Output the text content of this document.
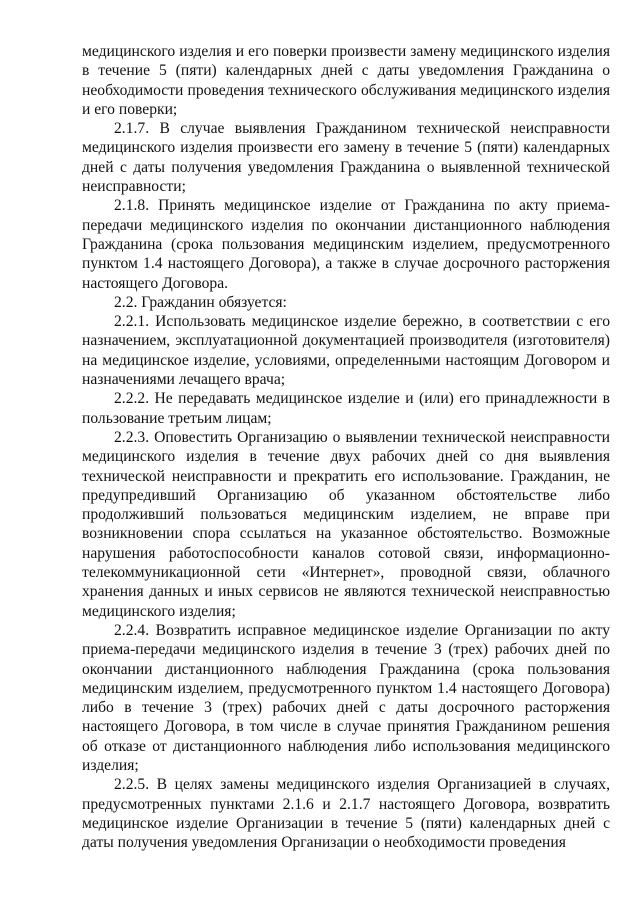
медицинского изделия и его поверки произвести замену медицинского изделия в течение 5 (пяти) календарных дней с даты уведомления Гражданина о необходимости проведения технического обслуживания медицинского изделия и его поверки;

2.1.7. В случае выявления Гражданином технической неисправности медицинского изделия произвести его замену в течение 5 (пяти) календарных дней с даты получения уведомления Гражданина о выявленной технической неисправности;

2.1.8. Принять медицинское изделие от Гражданина по акту приема-передачи медицинского изделия по окончании дистанционного наблюдения Гражданина (срока пользования медицинским изделием, предусмотренного пунктом 1.4 настоящего Договора), а также в случае досрочного расторжения настоящего Договора.

2.2. Гражданин обязуется:

2.2.1. Использовать медицинское изделие бережно, в соответствии с его назначением, эксплуатационной документацией производителя (изготовителя) на медицинское изделие, условиями, определенными настоящим Договором и назначениями лечащего врача;

2.2.2. Не передавать медицинское изделие и (или) его принадлежности в пользование третьим лицам;

2.2.3. Оповестить Организацию о выявлении технической неисправности медицинского изделия в течение двух рабочих дней со дня выявления технической неисправности и прекратить его использование. Гражданин, не предупредивший Организацию об указанном обстоятельстве либо продолживший пользоваться медицинским изделием, не вправе при возникновении спора ссылаться на указанное обстоятельство. Возможные нарушения работоспособности каналов сотовой связи, информационно-телекоммуникационной сети «Интернет», проводной связи, облачного хранения данных и иных сервисов не являются технической неисправностью медицинского изделия;

2.2.4. Возвратить исправное медицинское изделие Организации по акту приема-передачи медицинского изделия в течение 3 (трех) рабочих дней по окончании дистанционного наблюдения Гражданина (срока пользования медицинским изделием, предусмотренного пунктом 1.4 настоящего Договора) либо в течение 3 (трех) рабочих дней с даты досрочного расторжения настоящего Договора, в том числе в случае принятия Гражданином решения об отказе от дистанционного наблюдения либо использования медицинского изделия;

2.2.5. В целях замены медицинского изделия Организацией в случаях, предусмотренных пунктами 2.1.6 и 2.1.7 настоящего Договора, возвратить медицинское изделие Организации в течение 5 (пяти) календарных дней с даты получения уведомления Организации о необходимости проведения
